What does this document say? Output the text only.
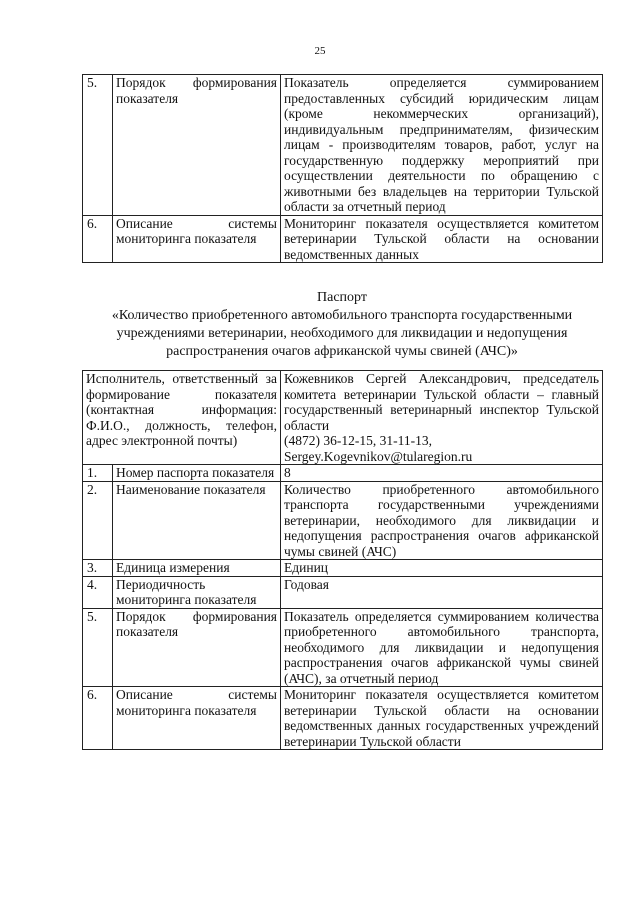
25
5.	Порядок формирования показателя	Показатель определяется суммированием предоставленных субсидий юридическим лицам (кроме некоммерческих организаций), индивидуальным предпринимателям, физическим лицам - производителям товаров, работ, услуг на государственную поддержку мероприятий при осуществлении деятельности по обращению с животными без владельцев на территории Тульской области за отчетный период
6.	Описание системы мониторинга показателя	Мониторинг показателя осуществляется комитетом ветеринарии Тульской области на основании ведомственных данных
Паспорт
«Количество приобретенного автомобильного транспорта государственными
учреждениями ветеринарии, необходимого для ликвидации и недопущения
распространения очагов африканской чумы свиней (АЧС)»
Исполнитель, ответственный за формирование показателя (контактная информация: Ф.И.О., должность, телефон, адрес электронной почты)		Кожевников Сергей Александрович, председатель комитета ветеринарии Тульской области – главный государственный ветеринарный инспектор Тульской области
(4872) 36-12-15, 31-11-13,
Sergey.Kogevnikov@tularegion.ru

1.	Номер паспорта показателя	8
2.	Наименование показателя	Количество приобретенного автомобильного транспорта государственными учреждениями ветеринарии, необходимого для ликвидации и недопущения распространения очагов африканской чумы свиней (АЧС)
3.	Единица измерения	Единиц
4.	Периодичность мониторинга показателя	Годовая
5.	Порядок формирования показателя	Показатель определяется суммированием количества приобретенного автомобильного транспорта, необходимого для ликвидации и недопущения распространения очагов африканской чумы свиней (АЧС), за отчетный период
6.	Описание системы мониторинга показателя	Мониторинг показателя осуществляется комитетом ветеринарии Тульской области на основании ведомственных данных государственных учреждений ветеринарии Тульской области
